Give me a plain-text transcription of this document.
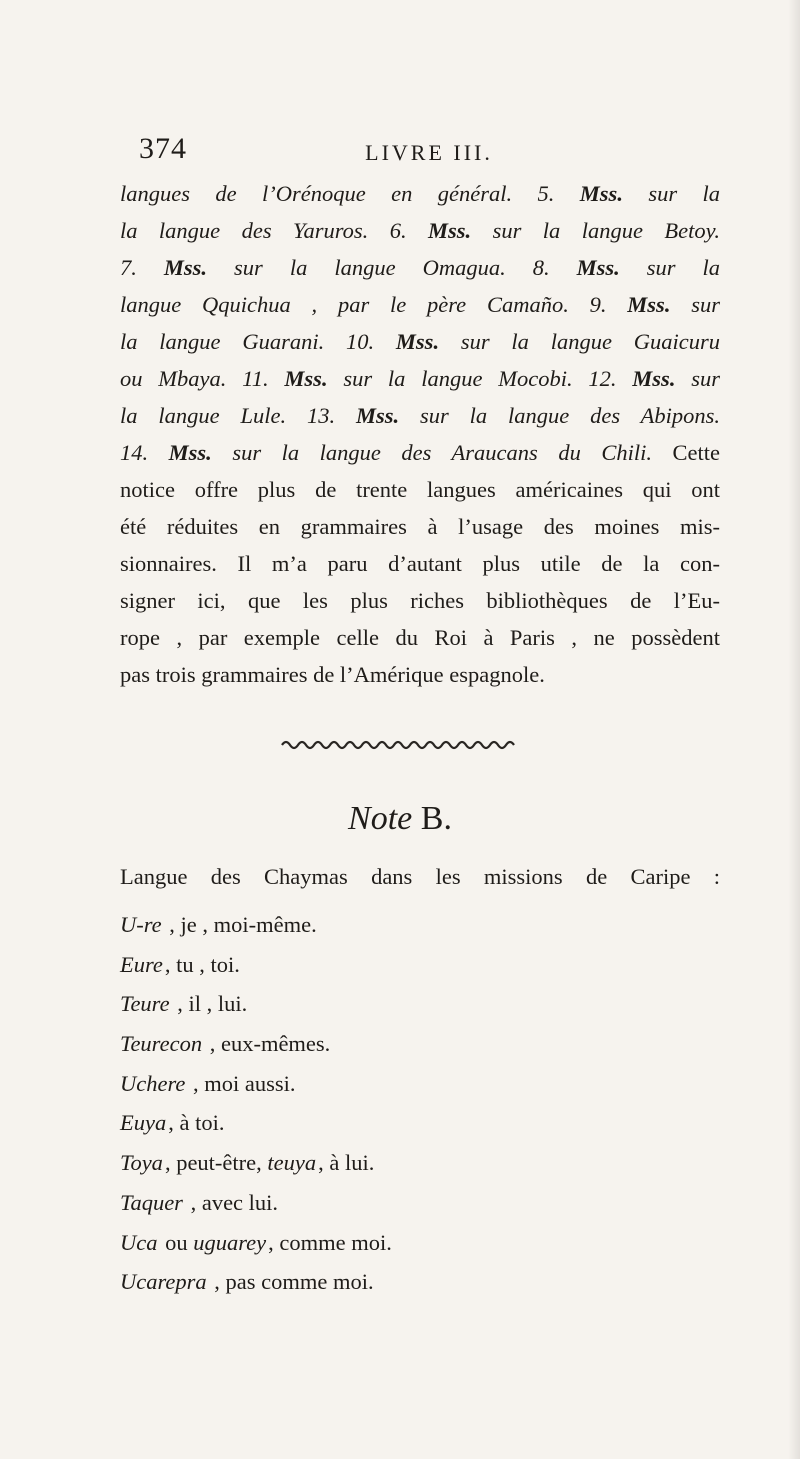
374	LIVRE III.
langues de l’Orénoque en général. 5. Mss. sur la
la langue des Yaruros. 6. Mss. sur la langue Betoy.
7. Mss. sur la langue Omagua. 8. Mss. sur la
langue Qquichua , par le père Camaño. 9. Mss. sur
la langue Guarani. 10. Mss. sur la langue Guaicuru
ou Mbaya. 11. Mss. sur la langue Mocobi. 12. Mss. sur
la langue Lule. 13. Mss. sur la langue des Abipons.
14. Mss. sur la langue des Araucans du Chili. Cette
notice offre plus de trente langues américaines qui ont
été réduites en grammaires à l’usage des moines mis-
sionnaires. Il m’a paru d’autant plus utile de la con-
signer ici, que les plus riches bibliothèques de l’Eu-
rope , par exemple celle du Roi à Paris , ne possèdent
pas trois grammaires de l’Amérique espagnole.
Note B.
Langue des Chaymas dans les missions de Caripe :
U-re , je , moi-même.
Eure, tu , toi.
Teure , il , lui.
Teurecon , eux-mêmes.
Uchere , moi aussi.
Euya, à toi.
Toya, peut-être, teuya, à lui.
Taquer , avec lui.
Uca ou uguarey, comme moi.
Ucarepra , pas comme moi.
